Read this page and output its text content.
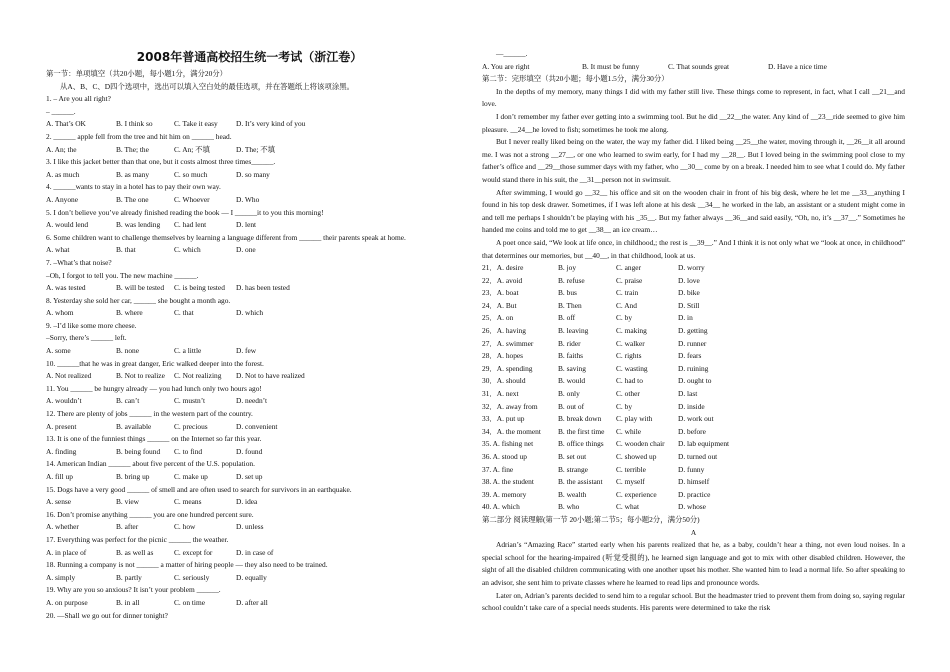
2008年普通高校招生统一考试（浙江卷）

第一节：单项填空（共20小题，每小题1分，满分20分）

从A、B、C、D四个选项中，选出可以填入空白处的最佳选项，并在答题纸上将该项涂黑。

1. – Are you all right?

– ______.

A. That’s OK	B. I think so	C. Take it easy	D. It’s very kind of you

2. ______ apple fell from the tree and hit him on ______ head.

A. An; the	B. The; the	C. An; 不填	D. The; 不填

3. I like this jacket better than that one, but it costs almost three times______.

A. as much	B. as many	C. so much	D. so many

4. ______wants to stay in a hotel has to pay their own way.

A. Anyone	B. The one	C. Whoever	D. Who

5. I don’t believe you’ve already finished reading the book — I ______it to you this morning!

A. would lend	B. was lending	C. had lent	D. lent

6. Some children want to challenge themselves by learning a language different from ______ their parents speak at home.

A. what	B. that	C. which	D. one

7. –What’s that noise?

–Oh, I forgot to tell you. The new machine ______.

A. was tested	B. will be tested	C. is being tested	D. has been tested

8. Yesterday she sold her car, ______ she bought a month ago.

A. whom	B. where	C. that	D. which

9. –I’d like some more cheese.

–Sorry, there’s ______ left.

A. some	B. none	C. a little	D. few

10. ______that he was in great danger, Eric walked deeper into the forest.

A. Not realized	B. Not to realize	C. Not realizing	D. Not to have realized

11. You ______ be hungry already — you had lunch only two hours ago!

A. wouldn’t	B. can’t	C. mustn’t	D. needn’t

12. There are plenty of jobs ______ in the western part of the country.

A. present	B. available	C. precious	D. convenient

13. It is one of the funniest things ______ on the Internet so far this year.

A. finding	B. being found	C. to find	D. found

14. American Indian ______ about five percent of the U.S. population.

A. fill up	B. bring up	C. make up	D. set up

15. Dogs have a very good ______ of smell and are often used to search for survivors in an earthquake.

A. sense	B. view	C. means	D. idea

16. Don’t promise anything ______ you are one hundred percent sure.

A. whether	B. after	C. how	D. unless

17. Everything was perfect for the picnic ______ the weather.

A. in place of	B. as well as	C. except for	D. in case of

18. Running a company is not ______ a matter of hiring people — they also need to be trained.

A. simply	B. partly	C. seriously	D. equally

19. Why are you so anxious? It isn’t your problem ______.

A. on purpose	B. in all	C. on time	D. after all

20. —Shall we go out for dinner tonight?

—______.

A. You are right	B. It must be funny	C. That sounds great	D. Have a nice time

第二节：完形填空（共20小题；每小题1.5分，满分30分）

In the depths of my memory, many things I did with my father still live. These things come to represent, in fact, what I call __21__and love.

I don’t remember my father ever getting into a swimming tool. But he did __22__the water. Any kind of __23__ride seemed to give him pleasure. __24__he loved to fish; sometimes he took me along.

But I never really liked being on the water, the way my father did. I liked being __25__the water, moving through it, __26__it all around me. I was not a strong __27__, or one who learned to swim early, for I had my __28__. But I loved being in the swimming pool close to my father’s office and __29__those summer days with my father, who __30__ come by on a break. I needed him to see what I could do. My father would stand there in his suit, the __31__person not in swimsuit.

After swimming, I would go __32__ his office and sit on the wooden chair in front of his big desk, where he let me __33__anything I found in his top desk drawer. Sometimes, if I was left alone at his desk __34__ he worked in the lab, an assistant or a student might come in and tell me perhaps I shouldn’t be playing with his _35__. But my father always __36__and said easily, “Oh, no, it’s __37__.” Sometimes he handed me coins and told me to get __38__ an ice cream…

A poet once said, “We look at life once, in childhood,; the rest is __39__.” And I think it is not only what we “look at once, in childhood” that determines our memories, but __40__, in that childhood, look at us.

21．A. desire	B. joy	C. anger	D. worry
22．A. avoid	B. refuse	C. praise	D. love
23．A. boat	B. bus	C. train	D. bike
24．A. But	B. Then	C. And	D. Still
25．A. on	B. off	C. by	D. in
26．A. having	B. leaving	C. making	D. getting
27．A. swimmer	B. rider	C. walker	D. runner
28．A. hopes	B. faiths	C. rights	D. fears
29．A. spending	B. saving	C. wasting	D. ruining
30．A. should	B. would	C. had to	D. ought to
31．A. next	B. only	C. other	D. last
32．A. away from	B. out of	C. by	D. inside
33．A. put up	B. break down	C. play with	D. work out
34．A. the moment	B. the first time	C. while	D. before
35. A. fishing net	B. office things	C. wooden chair	D. lab equipment
36. A. stood up	B. set out	C. showed up	D. turned out
37. A. fine	B. strange	C. terrible	D. funny
38. A. the student	B. the assistant	C. myself	D. himself
39. A. memory	B. wealth	C. experience	D. practice
40. A. which	B. who	C. what	D. whose

第二部分 阅读理解(第一节 20小题;第二节5；每小题2分，满分50分)

A

Adrian’s “Amazing Race” started early when his parents realized that he, as a baby, couldn’t hear a thing, not even loud noises. In a special school for the hearing-impaired (听觉受损的), he learned sign language and got to mix with other disabled children. However, the sight of all the disabled children communicating with one another upset his mother. She wanted him to lead a normal life. So after speaking to an advisor, she sent him to private classes where he learned to read lips and pronounce words.

Later on, Adrian’s parents decided to send him to a regular school. But the headmaster tried to prevent them from doing so, saying regular school couldn’t take care of a special needs students. His parents were determined to take the risk
